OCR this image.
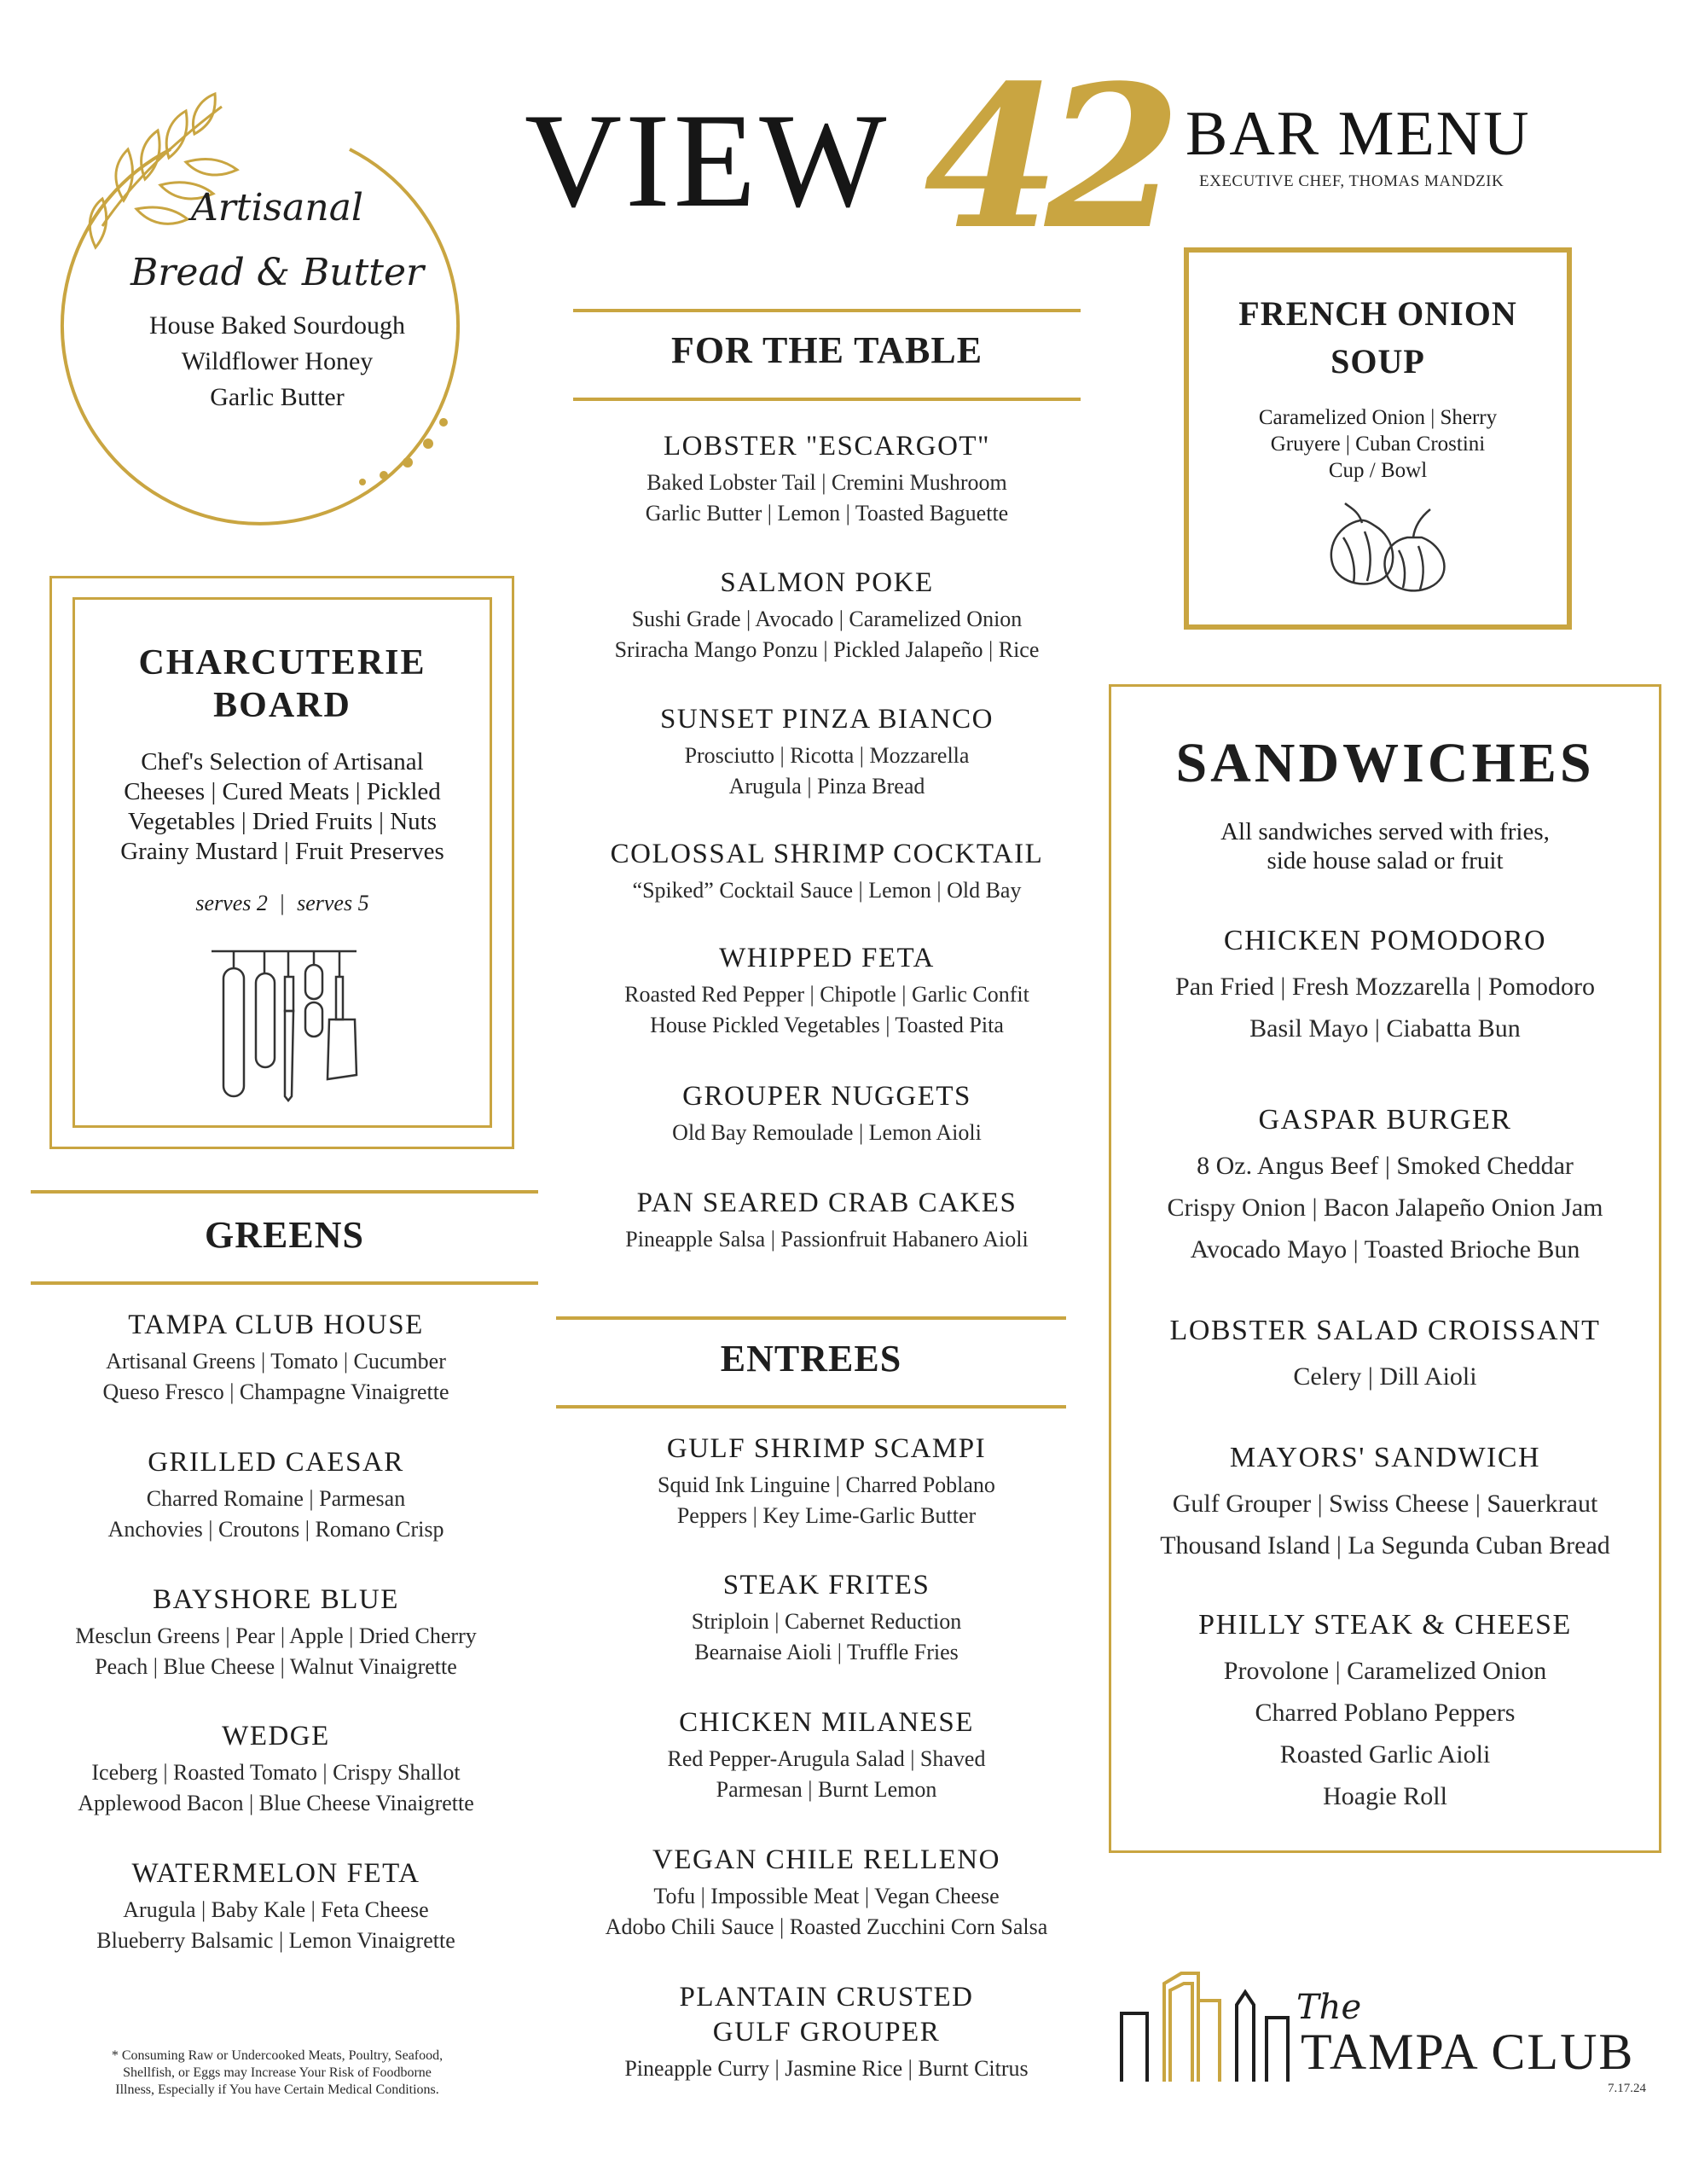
VIEW 42 BAR MENU
EXECUTIVE CHEF, THOMAS MANDZIK
Artisanal
Bread & Butter
House Baked Sourdough
Wildflower Honey
Garlic Butter
FRENCH ONION
SOUP
Caramelized Onion | Sherry
Gruyere | Cuban Crostini
Cup / Bowl
CHARCUTERIE
BOARD
Chef's Selection of Artisanal
Cheeses | Cured Meats | Pickled
Vegetables | Dried Fruits | Nuts
Grainy Mustard | Fruit Preserves
serves 2 | serves 5
FOR THE TABLE
LOBSTER "ESCARGOT"
Baked Lobster Tail | Cremini Mushroom
Garlic Butter | Lemon | Toasted Baguette
SALMON POKE
Sushi Grade | Avocado | Caramelized Onion
Sriracha Mango Ponzu | Pickled Jalapeño | Rice
SUNSET PINZA BIANCO
Prosciutto | Ricotta | Mozzarella
Arugula | Pinza Bread
COLOSSAL SHRIMP COCKTAIL
“Spiked” Cocktail Sauce | Lemon | Old Bay
WHIPPED FETA
Roasted Red Pepper | Chipotle | Garlic Confit
House Pickled Vegetables | Toasted Pita
GROUPER NUGGETS
Old Bay Remoulade | Lemon Aioli
PAN SEARED CRAB CAKES
Pineapple Salsa | Passionfruit Habanero Aioli
GREENS
TAMPA CLUB HOUSE
Artisanal Greens | Tomato | Cucumber
Queso Fresco | Champagne Vinaigrette
GRILLED CAESAR
Charred Romaine | Parmesan
Anchovies | Croutons | Romano Crisp
BAYSHORE BLUE
Mesclun Greens | Pear | Apple | Dried Cherry
Peach | Blue Cheese | Walnut Vinaigrette
WEDGE
Iceberg | Roasted Tomato | Crispy Shallot
Applewood Bacon | Blue Cheese Vinaigrette
WATERMELON FETA
Arugula | Baby Kale | Feta Cheese
Blueberry Balsamic | Lemon Vinaigrette
ENTREES
GULF SHRIMP SCAMPI
Squid Ink Linguine | Charred Poblano
Peppers | Key Lime-Garlic Butter
STEAK FRITES
Striploin | Cabernet Reduction
Bearnaise Aioli | Truffle Fries
CHICKEN MILANESE
Red Pepper-Arugula Salad | Shaved
Parmesan | Burnt Lemon
VEGAN CHILE RELLENO
Tofu | Impossible Meat | Vegan Cheese
Adobo Chili Sauce | Roasted Zucchini Corn Salsa
PLANTAIN CRUSTED
GULF GROUPER
Pineapple Curry | Jasmine Rice | Burnt Citrus
SANDWICHES
All sandwiches served with fries,
side house salad or fruit
CHICKEN POMODORO
Pan Fried | Fresh Mozzarella | Pomodoro
Basil Mayo | Ciabatta Bun
GASPAR BURGER
8 Oz. Angus Beef | Smoked Cheddar
Crispy Onion | Bacon Jalapeño Onion Jam
Avocado Mayo | Toasted Brioche Bun
LOBSTER SALAD CROISSANT
Celery | Dill Aioli
MAYORS' SANDWICH
Gulf Grouper | Swiss Cheese | Sauerkraut
Thousand Island | La Segunda Cuban Bread
PHILLY STEAK & CHEESE
Provolone | Caramelized Onion
Charred Poblano Peppers
Roasted Garlic Aioli
Hoagie Roll
* Consuming Raw or Undercooked Meats, Poultry, Seafood,
Shellfish, or Eggs may Increase Your Risk of Foodborne
Illness, Especially if You have Certain Medical Conditions.
The
TAMPA CLUB
7.17.24
